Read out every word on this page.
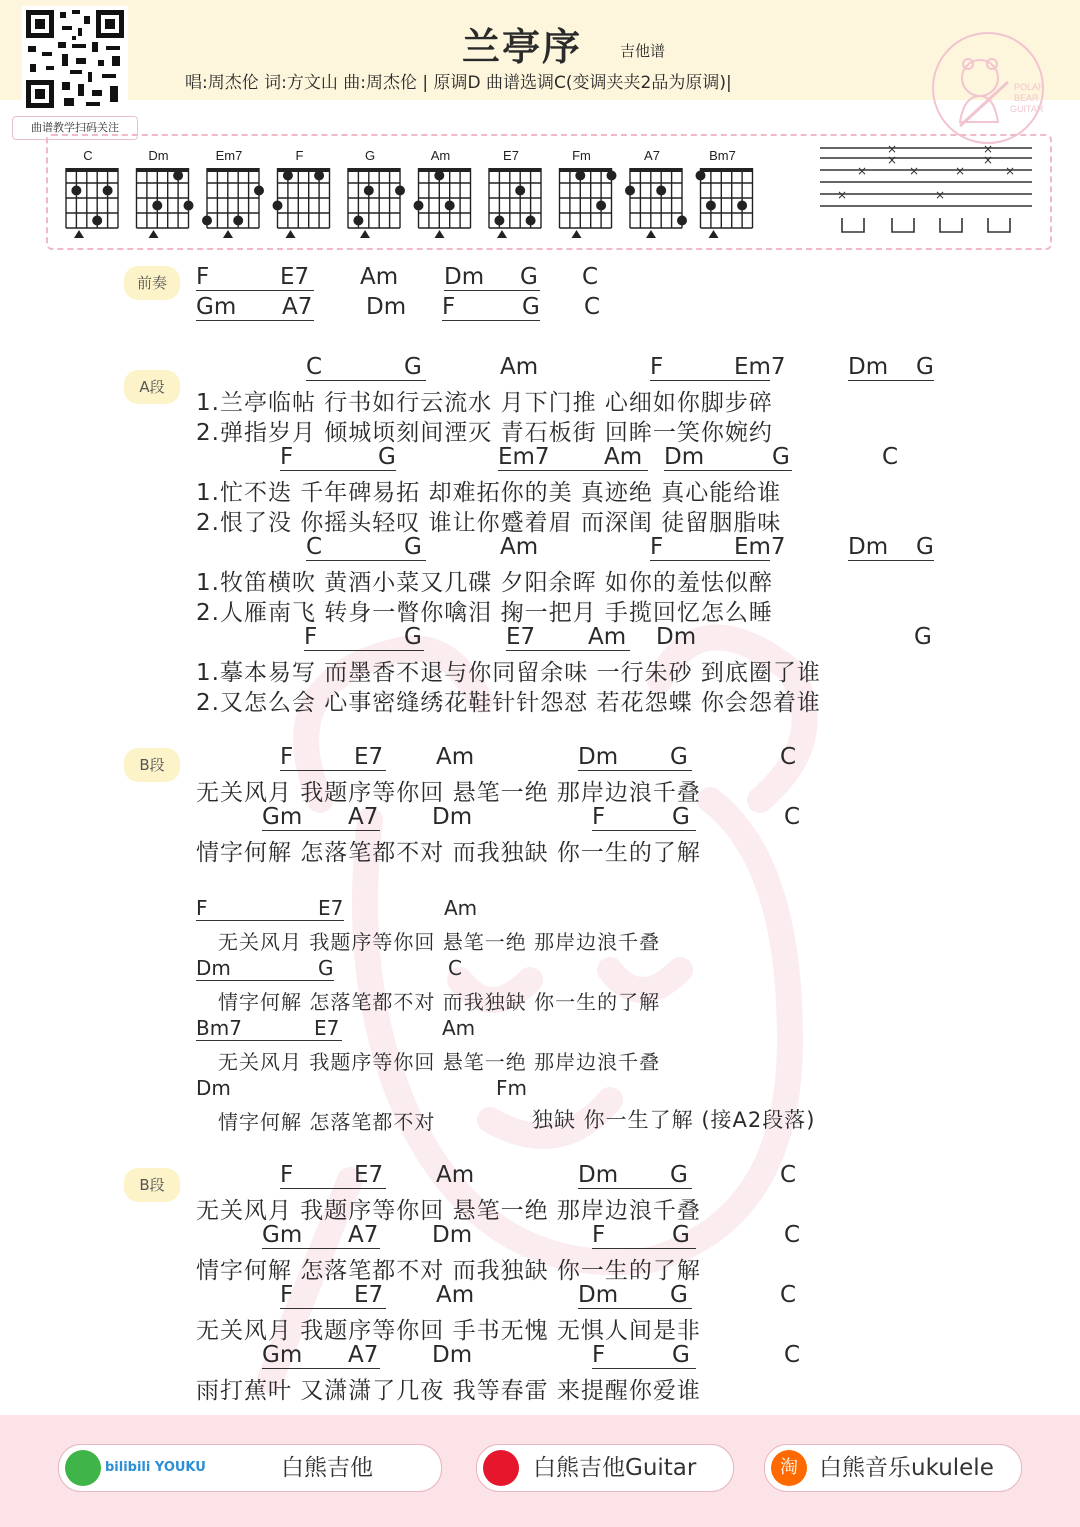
曲谱教学扫码关注
兰亭序	吉他谱
唱:周杰伦 词:方文山 曲:周杰伦 | 原调D 曲谱选调C(变调夹夹2品为原调)|	POLAR
BEAR
GUITAR
C	Dm	Em7	F	G	Am	E7	Fm	A7	Bm7	×
×
×
×
×	×	×	×
×	×
前奏	F	E7 Am Dm	G C
Gm	A7 Dm F	G C
A段
1.兰亭临帖 行书如行云流水 月下门推 心细如你脚步碎
2.弹指岁月 倾城顷刻间湮灭 青石板街 回眸一笑你婉约
1.忙不迭 千年碑易拓 却难拓你的美 真迹绝 真心能给谁
2.恨了没 你摇头轻叹 谁让你蹙着眉 而深闺 徒留胭脂味
1.牧笛横吹 黄酒小菜又几碟 夕阳余晖 如你的羞怯似醉
2.人雁南飞 转身一瞥你噙泪 掬一把月 手揽回忆怎么睡
1.摹本易写 而墨香不退与你同留余味 一行朱砂 到底圈了谁
2.又怎么会 心事密缝绣花鞋针针怨怼 若花怨蝶 你会怨着谁
C	G	Am	F	Em7	Dm	G
F	G	Em7	Am Dm	G	C
C	G	Am	F	Em7	Dm	G
F	G	E7	Am Dm	G
B段
无关风月 我题序等你回 悬笔一绝 那岸边浪千叠
情字何解 怎落笔都不对 而我独缺 你一生的了解
F	E7 Am	Dm	G	C
Gm	A7 Dm	F	G	C
无关风月 我题序等你回 悬笔一绝 那岸边浪千叠
情字何解 怎落笔都不对 而我独缺 你一生的了解
无关风月 我题序等你回 悬笔一绝 那岸边浪千叠
情字何解 怎落笔都不对	独缺 你一生了解 (接A2段落)
F	E7	Am
Dm	G	C
Bm7	E7	Am
Dm	Fm
B段
无关风月 我题序等你回 悬笔一绝 那岸边浪千叠
情字何解 怎落笔都不对 而我独缺 你一生的了解
无关风月 我题序等你回 手书无愧 无惧人间是非
雨打蕉叶 又潇潇了几夜 我等春雷 来提醒你爱谁
F	E7 Am	Dm	G	C
Gm	A7 Dm	F	G	C
F	E7 Am	Dm	G	C
Gm	A7 Dm	F	G	C
bilibili YOUKU	白熊吉他	白熊吉他Guitar	淘 白熊音乐ukulele
